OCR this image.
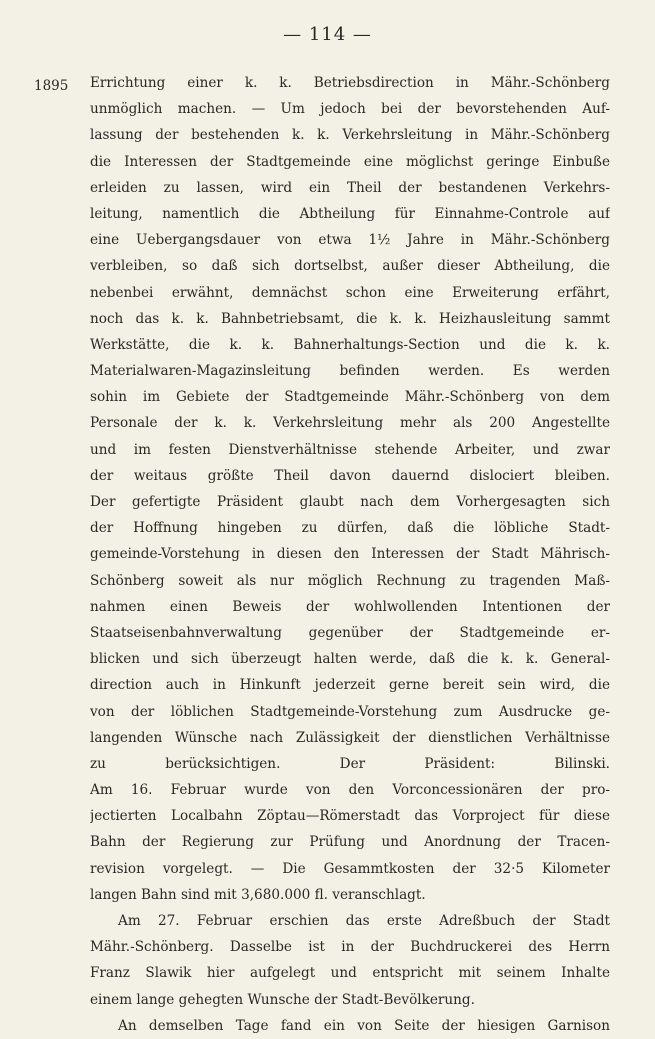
— 114 —
1895 Errichtung einer k. k. Betriebsdirection in Mähr.-Schönberg
unmöglich machen. — Um jedoch bei der bevorstehenden Auf-
lassung der bestehenden k. k. Verkehrsleitung in Mähr.-Schönberg
die Interessen der Stadtgemeinde eine möglichst geringe Einbuße
erleiden zu lassen, wird ein Theil der bestandenen Verkehrs-
leitung, namentlich die Abtheilung für Einnahme-Controle auf
eine Uebergangsdauer von etwa 1½ Jahre in Mähr.-Schönberg
verbleiben, so daß sich dortselbst, außer dieser Abtheilung, die
nebenbei erwähnt, demnächst schon eine Erweiterung erfährt,
noch das k. k. Bahnbetriebsamt, die k. k. Heizhausleitung sammt
Werkstätte, die k. k. Bahnerhaltungs-Section und die k. k.
Materialwaren-Magazinsleitung befinden werden. Es werden
sohin im Gebiete der Stadtgemeinde Mähr.-Schönberg von dem
Personale der k. k. Verkehrsleitung mehr als 200 Angestellte
und im festen Dienstverhältnisse stehende Arbeiter, und zwar
der weitaus größte Theil davon dauernd dislociert bleiben.
Der gefertigte Präsident glaubt nach dem Vorhergesagten sich
der Hoffnung hingeben zu dürfen, daß die löbliche Stadt-
gemeinde-Vorstehung in diesen den Interessen der Stadt Mährisch-
Schönberg soweit als nur möglich Rechnung zu tragenden Maß-
nahmen einen Beweis der wohlwollenden Intentionen der
Staatseisenbahnverwaltung gegenüber der Stadtgemeinde er-
blicken und sich überzeugt halten werde, daß die k. k. General-
direction auch in Hinkunft jederzeit gerne bereit sein wird, die
von der löblichen Stadtgemeinde-Vorstehung zum Ausdrucke ge-
langenden Wünsche nach Zulässigkeit der dienstlichen Verhältnisse
zu berücksichtigen. Der Präsident: Bilinski.
Am 16. Februar wurde von den Vorconcessionären der pro-
jectierten Localbahn Zöptau—Römerstadt das Vorproject für diese
Bahn der Regierung zur Prüfung und Anordnung der Tracen-
revision vorgelegt. — Die Gesammtkosten der 32·5 Kilometer
langen Bahn sind mit 3,680.000 fl. veranschlagt.
Am 27. Februar erschien das erste Adreßbuch der Stadt
Mähr.-Schönberg. Dasselbe ist in der Buchdruckerei des Herrn
Franz Slawik hier aufgelegt und entspricht mit seinem Inhalte
einem lange gehegten Wunsche der Stadt-Bevölkerung.
An demselben Tage fand ein von Seite der hiesigen Garnison
